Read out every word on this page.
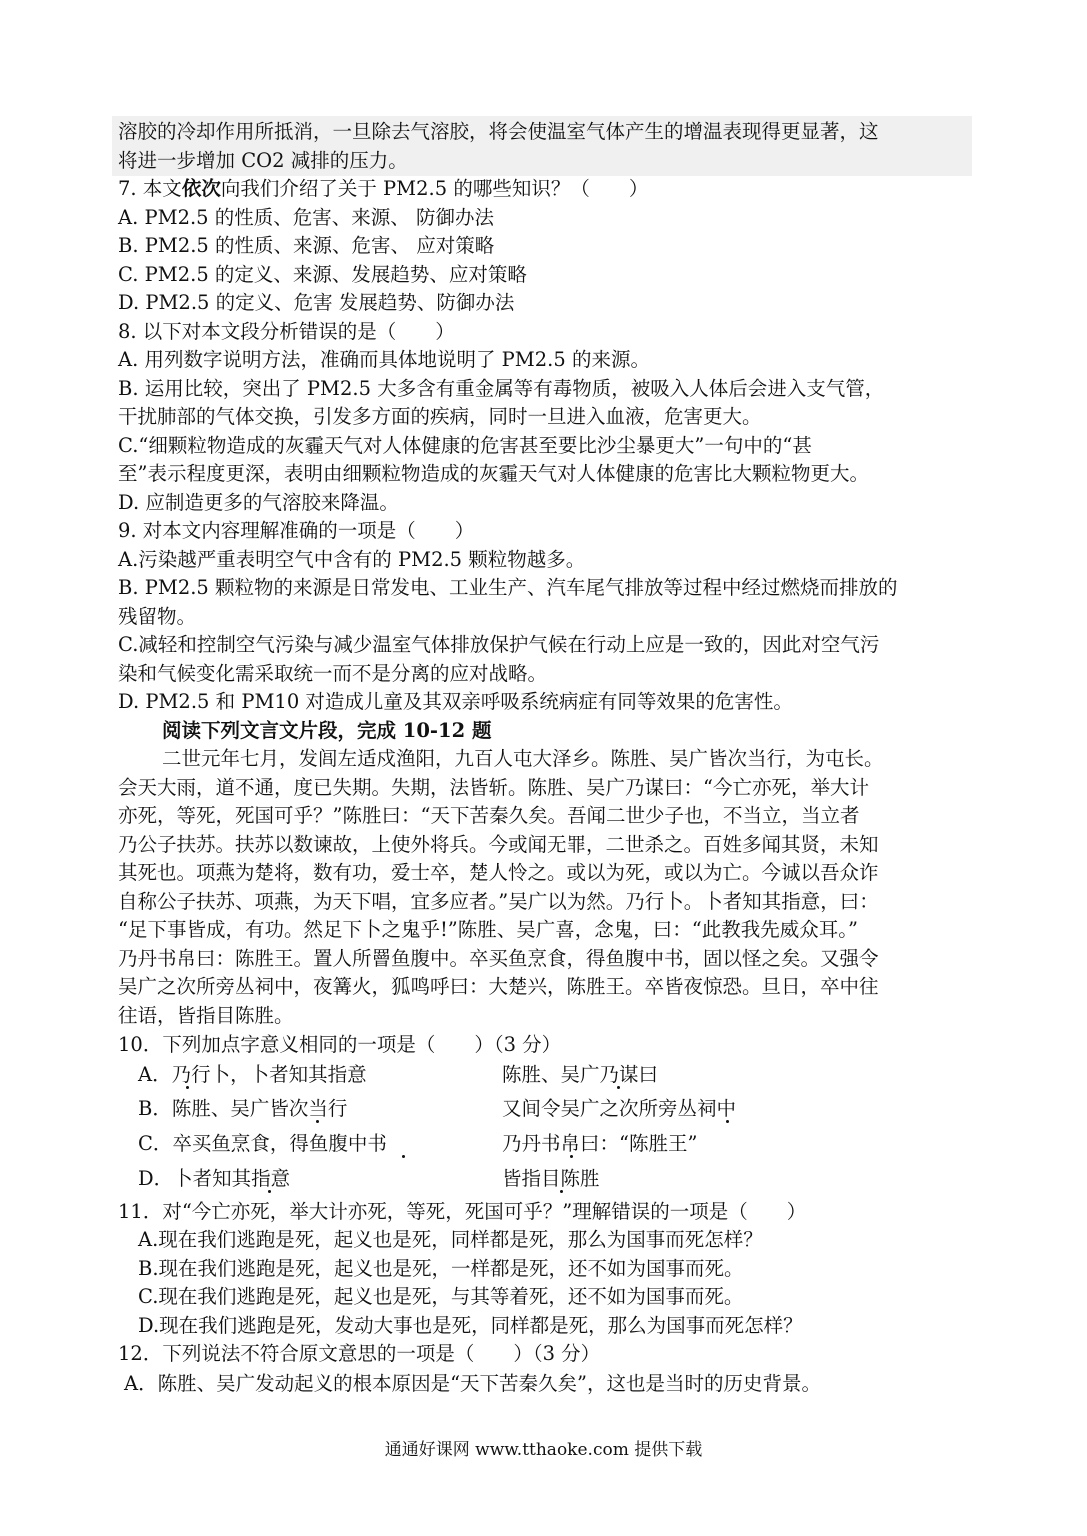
溶胶的冷却作用所抵消，一旦除去气溶胶，将会使温室气体产生的增温表现得更显著，这
将进一步增加 CO2 减排的压力。
7. 本文依次向我们介绍了关于 PM2.5 的哪些知识？（　　）
A. PM2.5 的性质、危害、来源、 防御办法
B. PM2.5 的性质、来源、危害、 应对策略
C. PM2.5 的定义、来源、发展趋势、应对策略
D. PM2.5 的定义、危害 发展趋势、防御办法
8. 以下对本文段分析错误的是（　　）
A. 用列数字说明方法，准确而具体地说明了 PM2.5 的来源。
B. 运用比较，突出了 PM2.5 大多含有重金属等有毒物质，被吸入人体后会进入支气管，
干扰肺部的气体交换，引发多方面的疾病，同时一旦进入血液，危害更大。
C.“细颗粒物造成的灰霾天气对人体健康的危害甚至要比沙尘暴更大”一句中的“甚
至”表示程度更深，表明由细颗粒物造成的灰霾天气对人体健康的危害比大颗粒物更大。
D. 应制造更多的气溶胶来降温。
9. 对本文内容理解准确的一项是（　　）
A.污染越严重表明空气中含有的 PM2.5 颗粒物越多。
B. PM2.5 颗粒物的来源是日常发电、工业生产、汽车尾气排放等过程中经过燃烧而排放的
残留物。
C.减轻和控制空气污染与减少温室气体排放保护气候在行动上应是一致的，因此对空气污
染和气候变化需采取统一而不是分离的应对战略。
D. PM2.5 和 PM10 对造成儿童及其双亲呼吸系统病症有同等效果的危害性。
阅读下列文言文片段，完成 10-12 题
二世元年七月，发闾左适戍渔阳，九百人屯大泽乡。陈胜、吴广皆次当行，为屯长。
会天大雨，道不通，度已失期。失期，法皆斩。陈胜、吴广乃谋曰：“今亡亦死，举大计
亦死，等死，死国可乎？”陈胜曰：“天下苦秦久矣。吾闻二世少子也，不当立，当立者
乃公子扶苏。扶苏以数谏故，上使外将兵。今或闻无罪，二世杀之。百姓多闻其贤，未知
其死也。项燕为楚将，数有功，爱士卒，楚人怜之。或以为死，或以为亡。今诚以吾众诈
自称公子扶苏、项燕，为天下唱，宜多应者。”吴广以为然。乃行卜。卜者知其指意，曰：
“足下事皆成，有功。然足下卜之鬼乎!”陈胜、吴广喜，念鬼，曰：“此教我先威众耳。”
乃丹书帛曰：陈胜王。置人所罾鱼腹中。卒买鱼烹食，得鱼腹中书，固以怪之矣。又强令
吴广之次所旁丛祠中，夜篝火，狐鸣呼曰：大楚兴，陈胜王。卒皆夜惊恐。旦日，卒中往
往语，皆指目陈胜。
10．下列加点字意义相同的一项是（　　）（3 分）
A．乃行卜，卜者知其指意	陈胜、吴广乃谋曰
B．陈胜、吴广皆次当行	又间令吴广之次所旁丛祠中
C．卒买鱼烹食，得鱼腹中书	乃丹书帛曰：“陈胜王”
D．卜者知其指意	皆指目陈胜
11．对“今亡亦死，举大计亦死，等死，死国可乎？”理解错误的一项是（　　）
A.现在我们逃跑是死，起义也是死，同样都是死，那么为国事而死怎样？
B.现在我们逃跑是死，起义也是死，一样都是死，还不如为国事而死。
C.现在我们逃跑是死，起义也是死，与其等着死，还不如为国事而死。
D.现在我们逃跑是死，发动大事也是死，同样都是死，那么为国事而死怎样？
12．下列说法不符合原文意思的一项是（　　）（3 分）
A．陈胜、吴广发动起义的根本原因是“天下苦秦久矣”，这也是当时的历史背景。
通通好课网 www.tthaoke.com 提供下载
